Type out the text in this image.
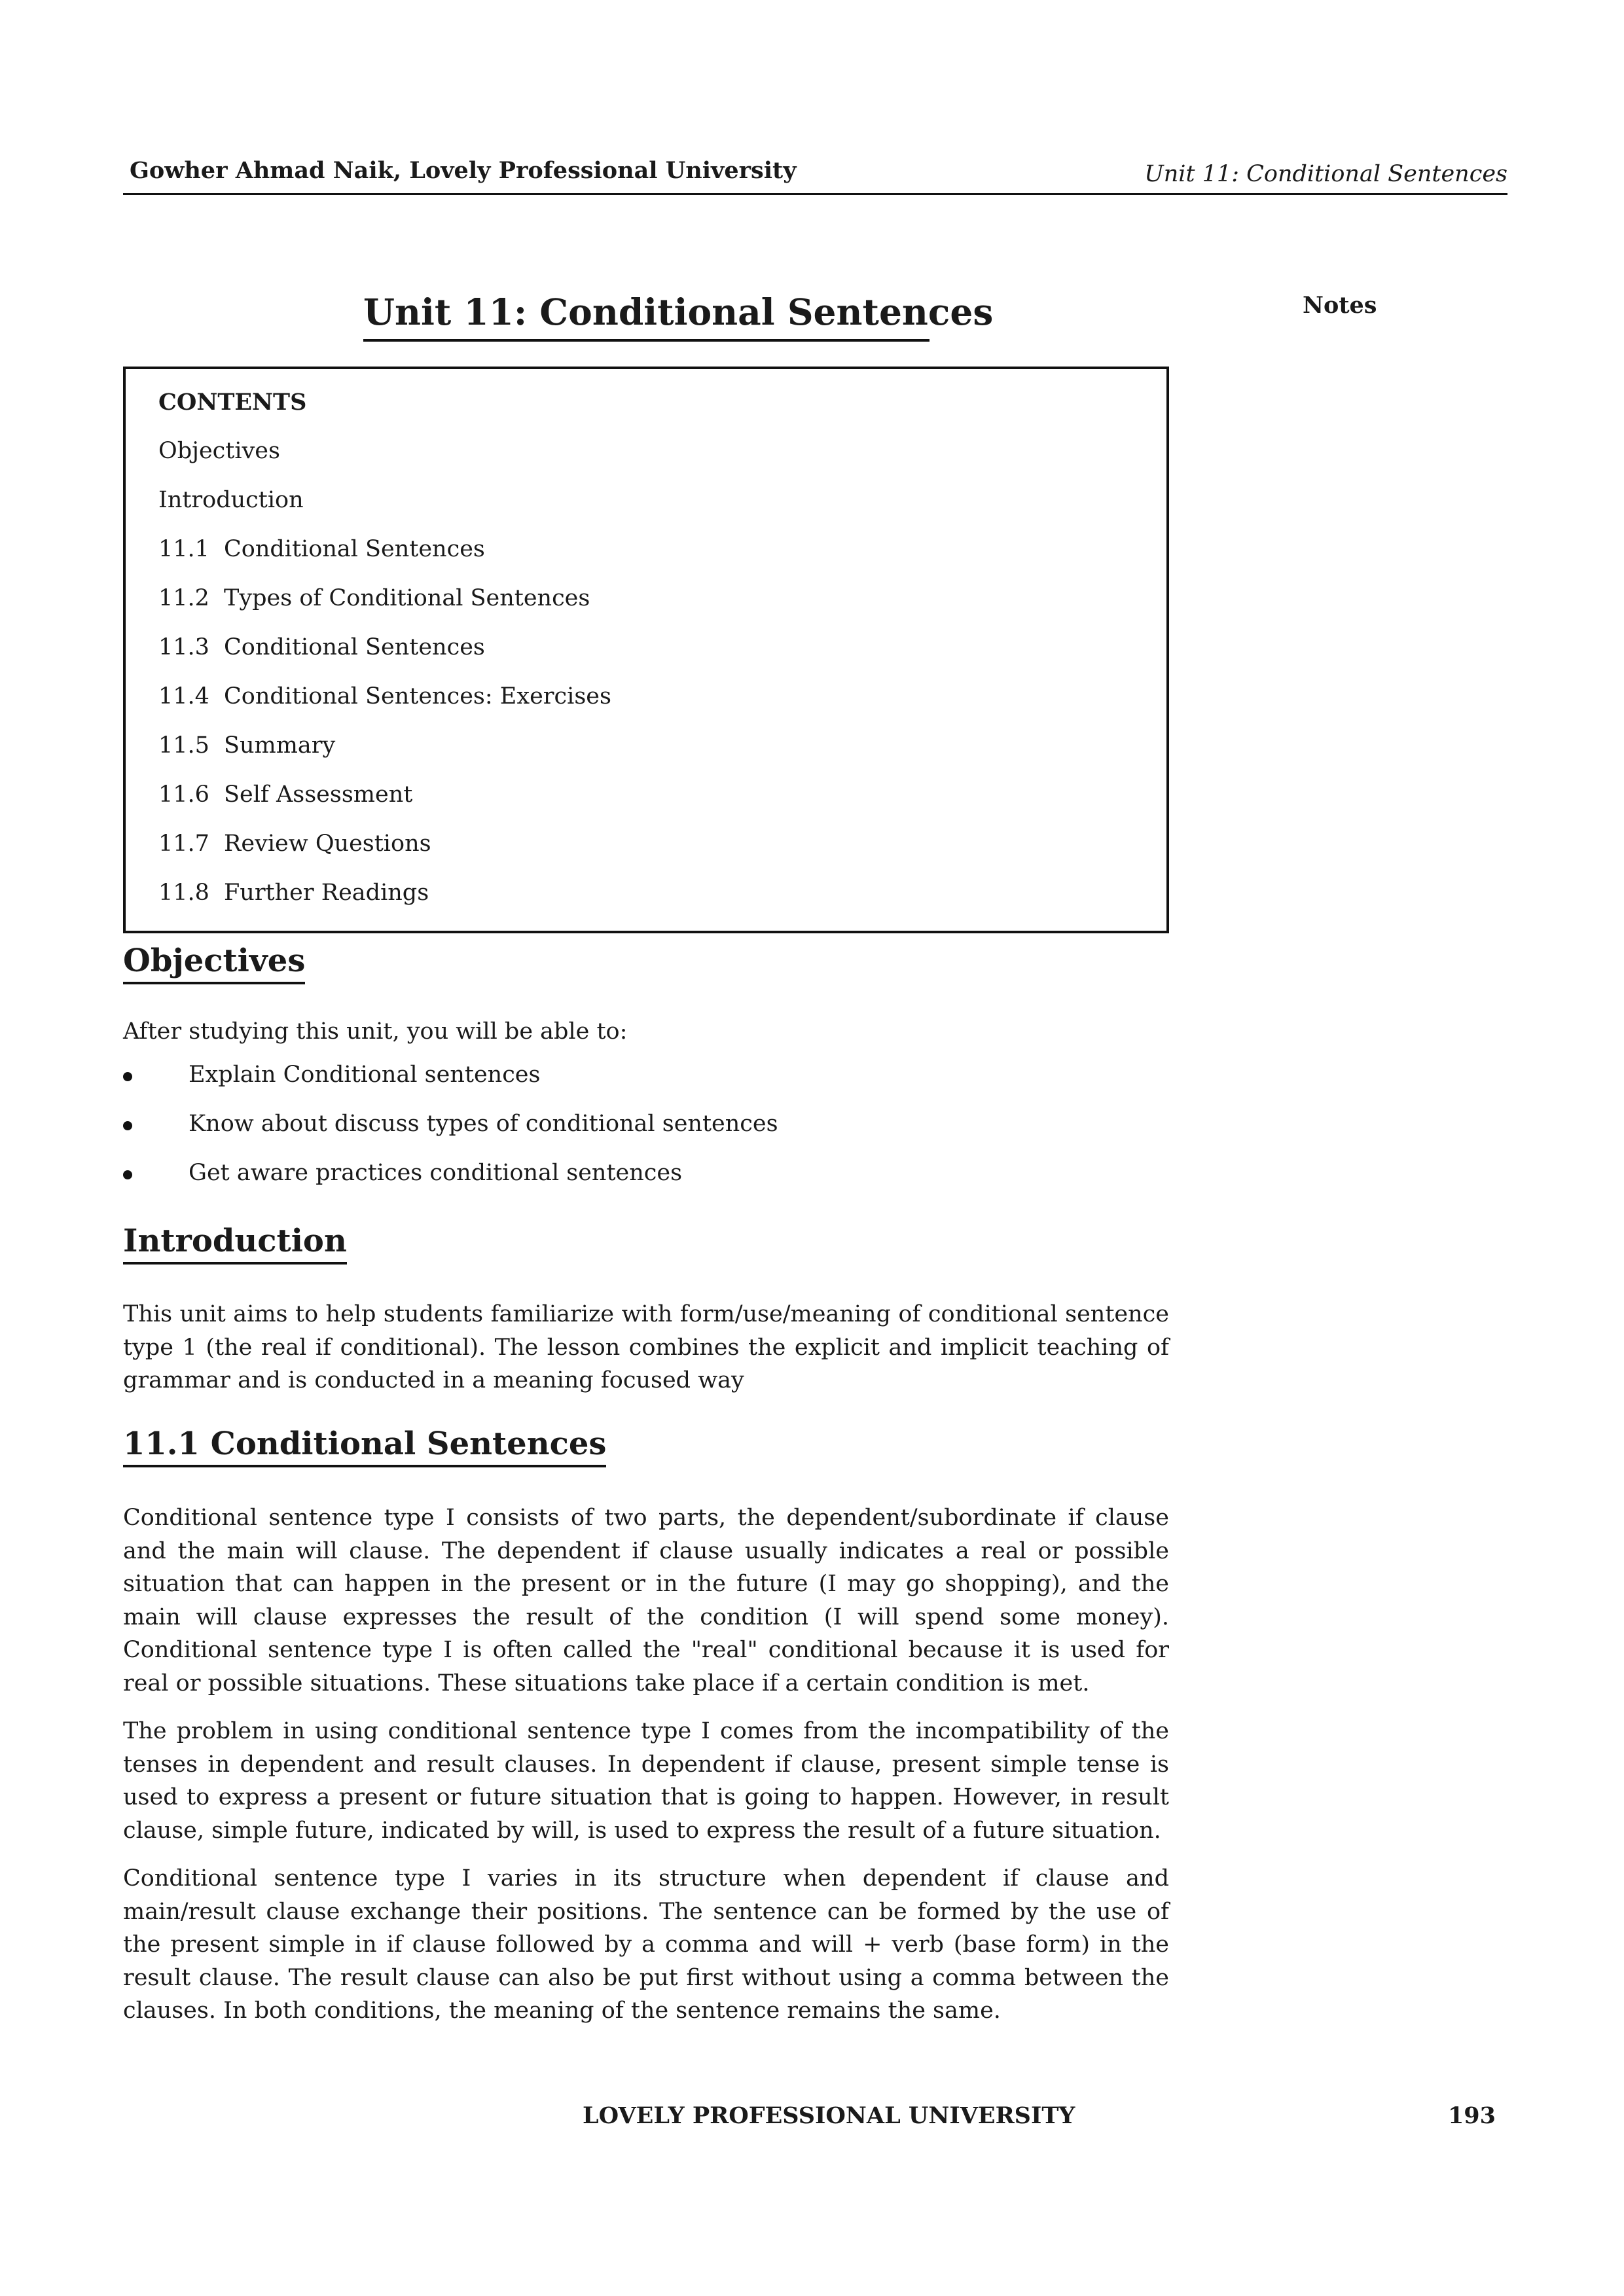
Gowher Ahmad Naik, Lovely Professional University	Unit 11: Conditional Sentences
Unit 11: Conditional Sentences	Notes
CONTENTS
Objectives
Introduction
11.1 Conditional Sentences
11.2 Types of Conditional Sentences
11.3 Conditional Sentences
11.4 Conditional Sentences: Exercises
11.5 Summary
11.6 Self Assessment
11.7 Review Questions
11.8 Further Readings
Objectives
After studying this unit, you will be able to:
Explain Conditional sentences
Know about discuss types of conditional sentences
Get aware practices conditional sentences
Introduction
This unit aims to help students familiarize with form/use/meaning of conditional sentence type 1 (the real if conditional). The lesson combines the explicit and implicit teaching of grammar and is conducted in a meaning focused way
11.1 Conditional Sentences
Conditional sentence type I consists of two parts, the dependent/subordinate if clause and the main will clause. The dependent if clause usually indicates a real or possible situation that can happen in the present or in the future (I may go shopping), and the main will clause expresses the result of the condition (I will spend some money). Conditional sentence type I is often called the "real" conditional because it is used for real or possible situations. These situations take place if a certain condition is met.
The problem in using conditional sentence type I comes from the incompatibility of the tenses in dependent and result clauses. In dependent if clause, present simple tense is used to express a present or future situation that is going to happen. However, in result clause, simple future, indicated by will, is used to express the result of a future situation.
Conditional sentence type I varies in its structure when dependent if clause and main/result clause exchange their positions. The sentence can be formed by the use of the present simple in if clause followed by a comma and will + verb (base form) in the result clause. The result clause can also be put first without using a comma between the clauses. In both conditions, the meaning of the sentence remains the same.
LOVELY PROFESSIONAL UNIVERSITY	193
